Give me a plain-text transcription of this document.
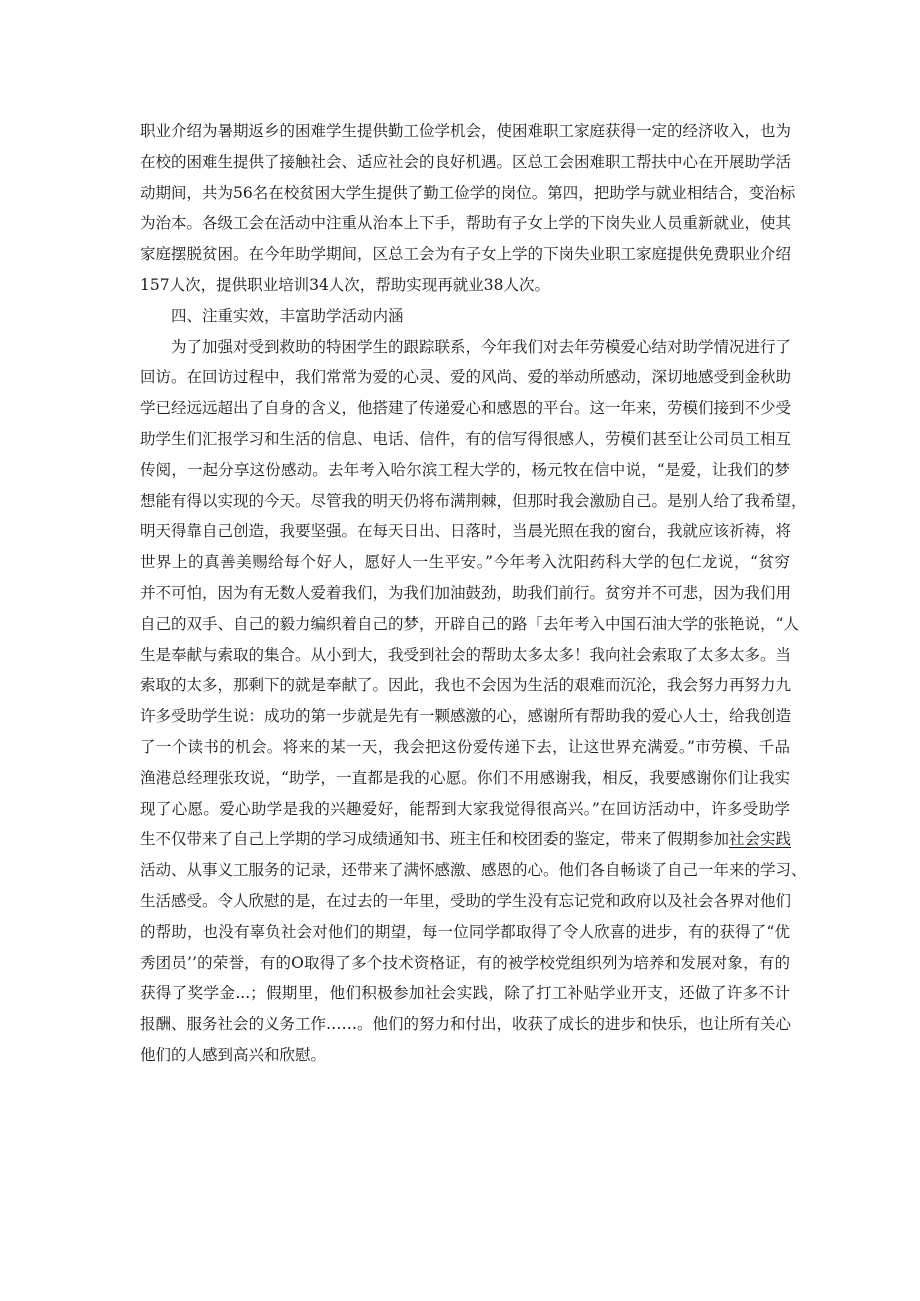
职业介绍为暑期返乡的困难学生提供勤工俭学机会，使困难职工家庭获得一定的经济收入，也为
在校的困难生提供了接触社会、适应社会的良好机遇。区总工会困难职工帮扶中心在开展助学活
动期间，共为56名在校贫困大学生提供了勤工俭学的岗位。第四，把助学与就业相结合，变治标
为治本。各级工会在活动中注重从治本上下手，帮助有子女上学的下岗失业人员重新就业，使其
家庭摆脱贫困。在今年助学期间，区总工会为有子女上学的下岗失业职工家庭提供免费职业介绍
157人次，提供职业培训34人次，帮助实现再就业38人次。
四、注重实效，丰富助学活动内涵
为了加强对受到救助的特困学生的跟踪联系，今年我们对去年劳模爱心结对助学情况进行了
回访。在回访过程中，我们常常为爱的心灵、爱的风尚、爱的举动所感动，深切地感受到金秋助
学已经远远超出了自身的含义，他搭建了传递爱心和感恩的平台。这一年来，劳模们接到不少受
助学生们汇报学习和生活的信息、电话、信件，有的信写得很感人，劳模们甚至让公司员工相互
传阅，一起分享这份感动。去年考入哈尔滨工程大学的，杨元牧在信中说，“是爱，让我们的梦
想能有得以实现的今天。尽管我的明天仍将布满荆棘，但那时我会激励自己。是别人给了我希望，
明天得靠自己创造，我要坚强。在每天日出、日落时，当晨光照在我的窗台，我就应该祈祷，将
世界上的真善美赐给每个好人，愿好人一生平安。”今年考入沈阳药科大学的包仁龙说，“贫穷
并不可怕，因为有无数人爱着我们，为我们加油鼓劲，助我们前行。贫穷并不可悲，因为我们用
自己的双手、自己的毅力编织着自己的梦，开辟自己的路「去年考入中国石油大学的张艳说，“人
生是奉献与索取的集合。从小到大，我受到社会的帮助太多太多！我向社会索取了太多太多。当
索取的太多，那剩下的就是奉献了。因此，我也不会因为生活的艰难而沉沦，我会努力再努力九
许多受助学生说：成功的第一步就是先有一颗感激的心，感谢所有帮助我的爱心人士，给我创造
了一个读书的机会。将来的某一天，我会把这份爱传递下去，让这世界充满爱。”市劳模、千品
渔港总经理张玫说，“助学，一直都是我的心愿。你们不用感谢我，相反，我要感谢你们让我实
现了心愿。爱心助学是我的兴趣爱好，能帮到大家我觉得很高兴。”在回访活动中，许多受助学
生不仅带来了自己上学期的学习成绩通知书、班主任和校团委的鉴定，带来了假期参加社会实践
活动、从事义工服务的记录，还带来了满怀感激、感恩的心。他们各自畅谈了自己一年来的学习、
生活感受。令人欣慰的是，在过去的一年里，受助的学生没有忘记党和政府以及社会各界对他们
的帮助，也没有辜负社会对他们的期望，每一位同学都取得了令人欣喜的进步，有的获得了“优
秀团员’’的荣誉，有的O取得了多个技术资格证，有的被学校党组织列为培养和发展对象，有的
获得了奖学金...；假期里，他们积极参加社会实践，除了打工补贴学业开支，还做了许多不计
报酬、服务社会的义务工作……。他们的努力和付出，收获了成长的进步和快乐，也让所有关心
他们的人感到高兴和欣慰。
